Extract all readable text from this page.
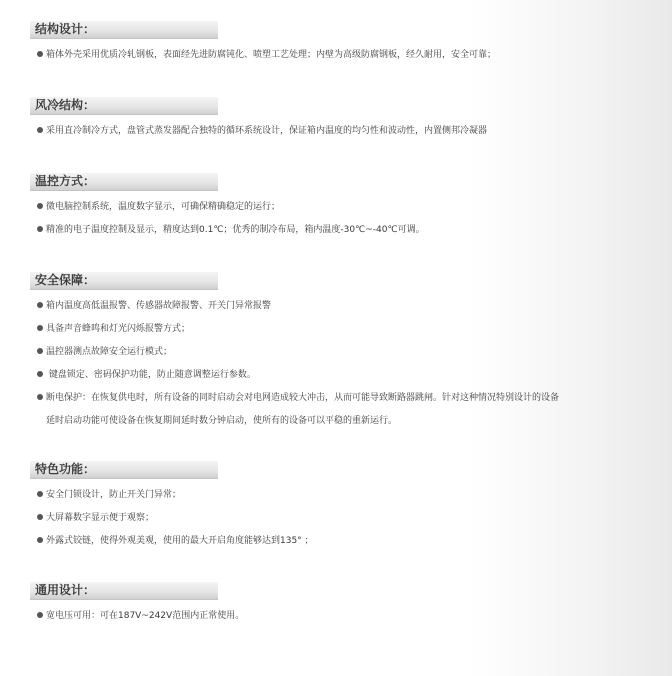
结构设计：
箱体外壳采用优质冷轧钢板，表面经先进防腐钝化、喷塑工艺处理；内壁为高级防腐钢板，经久耐用，安全可靠；
风冷结构：
采用直冷制冷方式，盘管式蒸发器配合独特的循环系统设计，保证箱内温度的均匀性和波动性，内置侧邦冷凝器
温控方式：
微电脑控制系统，温度数字显示，可确保精确稳定的运行；
精准的电子温度控制及显示，精度达到0.1℃；优秀的制冷布局，箱内温度-30℃~-40℃可调。
安全保障：
箱内温度高低温报警、传感器故障报警、开关门异常报警
具备声音蜂鸣和灯光闪烁报警方式；
温控器测点故障安全运行模式；
键盘锁定、密码保护功能，防止随意调整运行参数。
断电保护：在恢复供电时，所有设备的同时启动会对电网造成较大冲击，从而可能导致断路器跳闸。针对这种情况特别设计的设备
延时启动功能可使设备在恢复期间延时数分钟启动，使所有的设备可以平稳的重新运行。
特色功能：
安全门锁设计，防止开关门异常；
大屏幕数字显示便于观察；
外露式铰链，使得外观美观，使用的最大开启角度能够达到135° ；
通用设计：
宽电压可用：可在187V~242V范围内正常使用。
